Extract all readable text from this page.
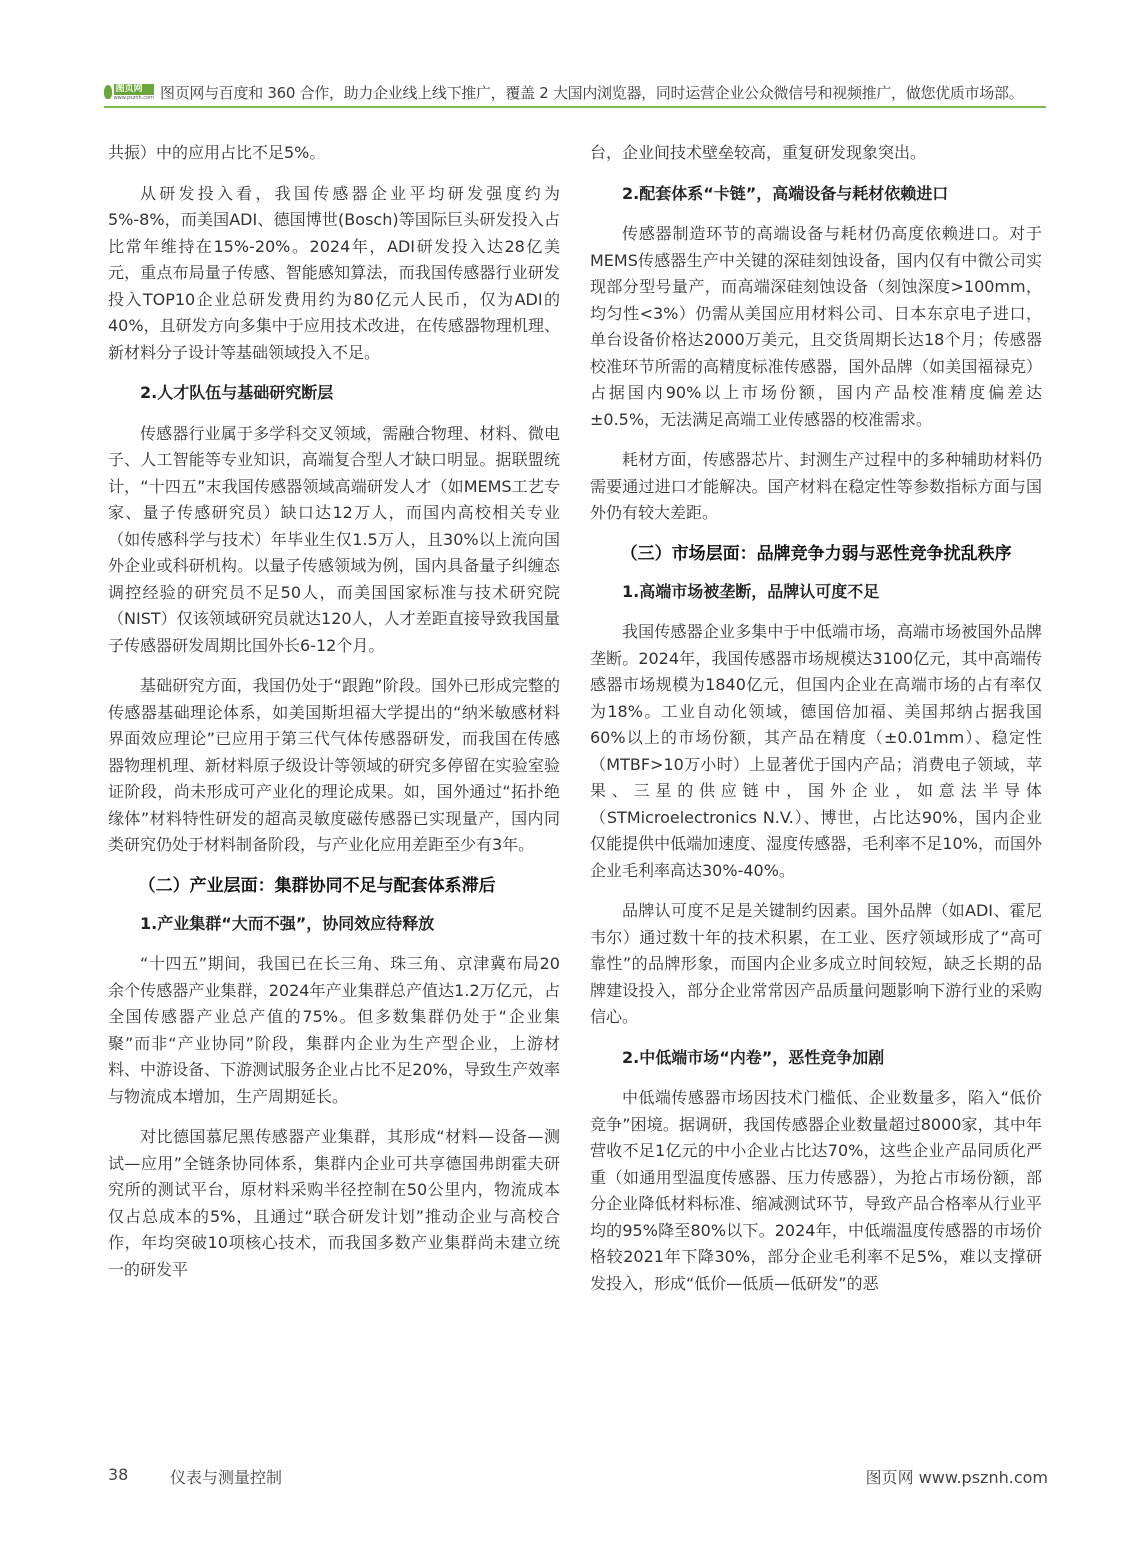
图页网
www.psznh.com 图页网与百度和 360 合作，助力企业线上线下推广，覆盖 2 大国内浏览器，同时运营企业公众微信号和视频推广，做您优质市场部。

共振）中的应用占比不足5%。

从研发投入看，我国传感器企业平均研发强度约为5%-8%，而美国ADI、德国博世(Bosch)等国际巨头研发投入占比常年维持在15%-20%。2024年，ADI研发投入达28亿美元，重点布局量子传感、智能感知算法，而我国传感器行业研发投入TOP10企业总研发费用约为80亿元人民币，仅为ADI的40%，且研发方向多集中于应用技术改进，在传感器物理机理、新材料分子设计等基础领域投入不足。

2.人才队伍与基础研究断层

传感器行业属于多学科交叉领域，需融合物理、材料、微电子、人工智能等专业知识，高端复合型人才缺口明显。据联盟统计，“十四五”末我国传感器领域高端研发人才（如MEMS工艺专家、量子传感研究员）缺口达12万人，而国内高校相关专业（如传感科学与技术）年毕业生仅1.5万人，且30%以上流向国外企业或科研机构。以量子传感领域为例，国内具备量子纠缠态调控经验的研究员不足50人，而美国国家标准与技术研究院（NIST）仅该领域研究员就达120人，人才差距直接导致我国量子传感器研发周期比国外长6-12个月。

基础研究方面，我国仍处于“跟跑”阶段。国外已形成完整的传感器基础理论体系，如美国斯坦福大学提出的“纳米敏感材料界面效应理论”已应用于第三代气体传感器研发，而我国在传感器物理机理、新材料原子级设计等领域的研究多停留在实验室验证阶段，尚未形成可产业化的理论成果。如，国外通过“拓扑绝缘体”材料特性研发的超高灵敏度磁传感器已实现量产，国内同类研究仍处于材料制备阶段，与产业化应用差距至少有3年。

（二）产业层面：集群协同不足与配套体系滞后
1.产业集群“大而不强”，协同效应待释放

“十四五”期间，我国已在长三角、珠三角、京津冀布局20余个传感器产业集群，2024年产业集群总产值达1.2万亿元，占全国传感器产业总产值的75%。但多数集群仍处于“企业集聚”而非“产业协同”阶段，集群内企业为生产型企业，上游材料、中游设备、下游测试服务企业占比不足20%，导致生产效率与物流成本增加，生产周期延长。

对比德国慕尼黑传感器产业集群，其形成“材料—设备—测试—应用”全链条协同体系，集群内企业可共享德国弗朗霍夫研究所的测试平台，原材料采购半径控制在50公里内，物流成本仅占总成本的5%，且通过“联合研发计划”推动企业与高校合作，年均突破10项核心技术，而我国多数产业集群尚未建立统一的研发平

台，企业间技术壁垒较高，重复研发现象突出。

2.配套体系“卡链”，高端设备与耗材依赖进口

传感器制造环节的高端设备与耗材仍高度依赖进口。对于MEMS传感器生产中关键的深硅刻蚀设备，国内仅有中微公司实现部分型号量产，而高端深硅刻蚀设备（刻蚀深度>100mm，均匀性<3%）仍需从美国应用材料公司、日本东京电子进口，单台设备价格达2000万美元，且交货周期长达18个月；传感器校准环节所需的高精度标准传感器，国外品牌（如美国福禄克）占据国内90%以上市场份额，国内产品校准精度偏差达±0.5%，无法满足高端工业传感器的校准需求。

耗材方面，传感器芯片、封测生产过程中的多种辅助材料仍需要通过进口才能解决。国产材料在稳定性等参数指标方面与国外仍有较大差距。

（三）市场层面：品牌竞争力弱与恶性竞争扰乱秩序
1.高端市场被垄断，品牌认可度不足

我国传感器企业多集中于中低端市场，高端市场被国外品牌垄断。2024年，我国传感器市场规模达3100亿元，其中高端传感器市场规模为1840亿元，但国内企业在高端市场的占有率仅为18%。工业自动化领域，德国倍加福、美国邦纳占据我国60%以上的市场份额，其产品在精度（±0.01mm）、稳定性（MTBF>10万小时）上显著优于国内产品；消费电子领域，苹果、三星的供应链中，国外企业，如意法半导体（STMicroelectronics N.V.）、博世，占比达90%，国内企业仅能提供中低端加速度、湿度传感器，毛利率不足10%，而国外企业毛利率高达30%-40%。

品牌认可度不足是关键制约因素。国外品牌（如ADI、霍尼韦尔）通过数十年的技术积累，在工业、医疗领域形成了“高可靠性”的品牌形象，而国内企业多成立时间较短，缺乏长期的品牌建设投入，部分企业常常因产品质量问题影响下游行业的采购信心。

2.中低端市场“内卷”，恶性竞争加剧

中低端传感器市场因技术门槛低、企业数量多，陷入“低价竞争”困境。据调研，我国传感器企业数量超过8000家，其中年营收不足1亿元的中小企业占比达70%，这些企业产品同质化严重（如通用型温度传感器、压力传感器），为抢占市场份额，部分企业降低材料标准、缩减测试环节，导致产品合格率从行业平均的95%降至80%以下。2024年，中低端温度传感器的市场价格较2021年下降30%，部分企业毛利率不足5%，难以支撑研发投入，形成“低价—低质—低研发”的恶

38	仪表与测量控制	图页网 www.psznh.com
